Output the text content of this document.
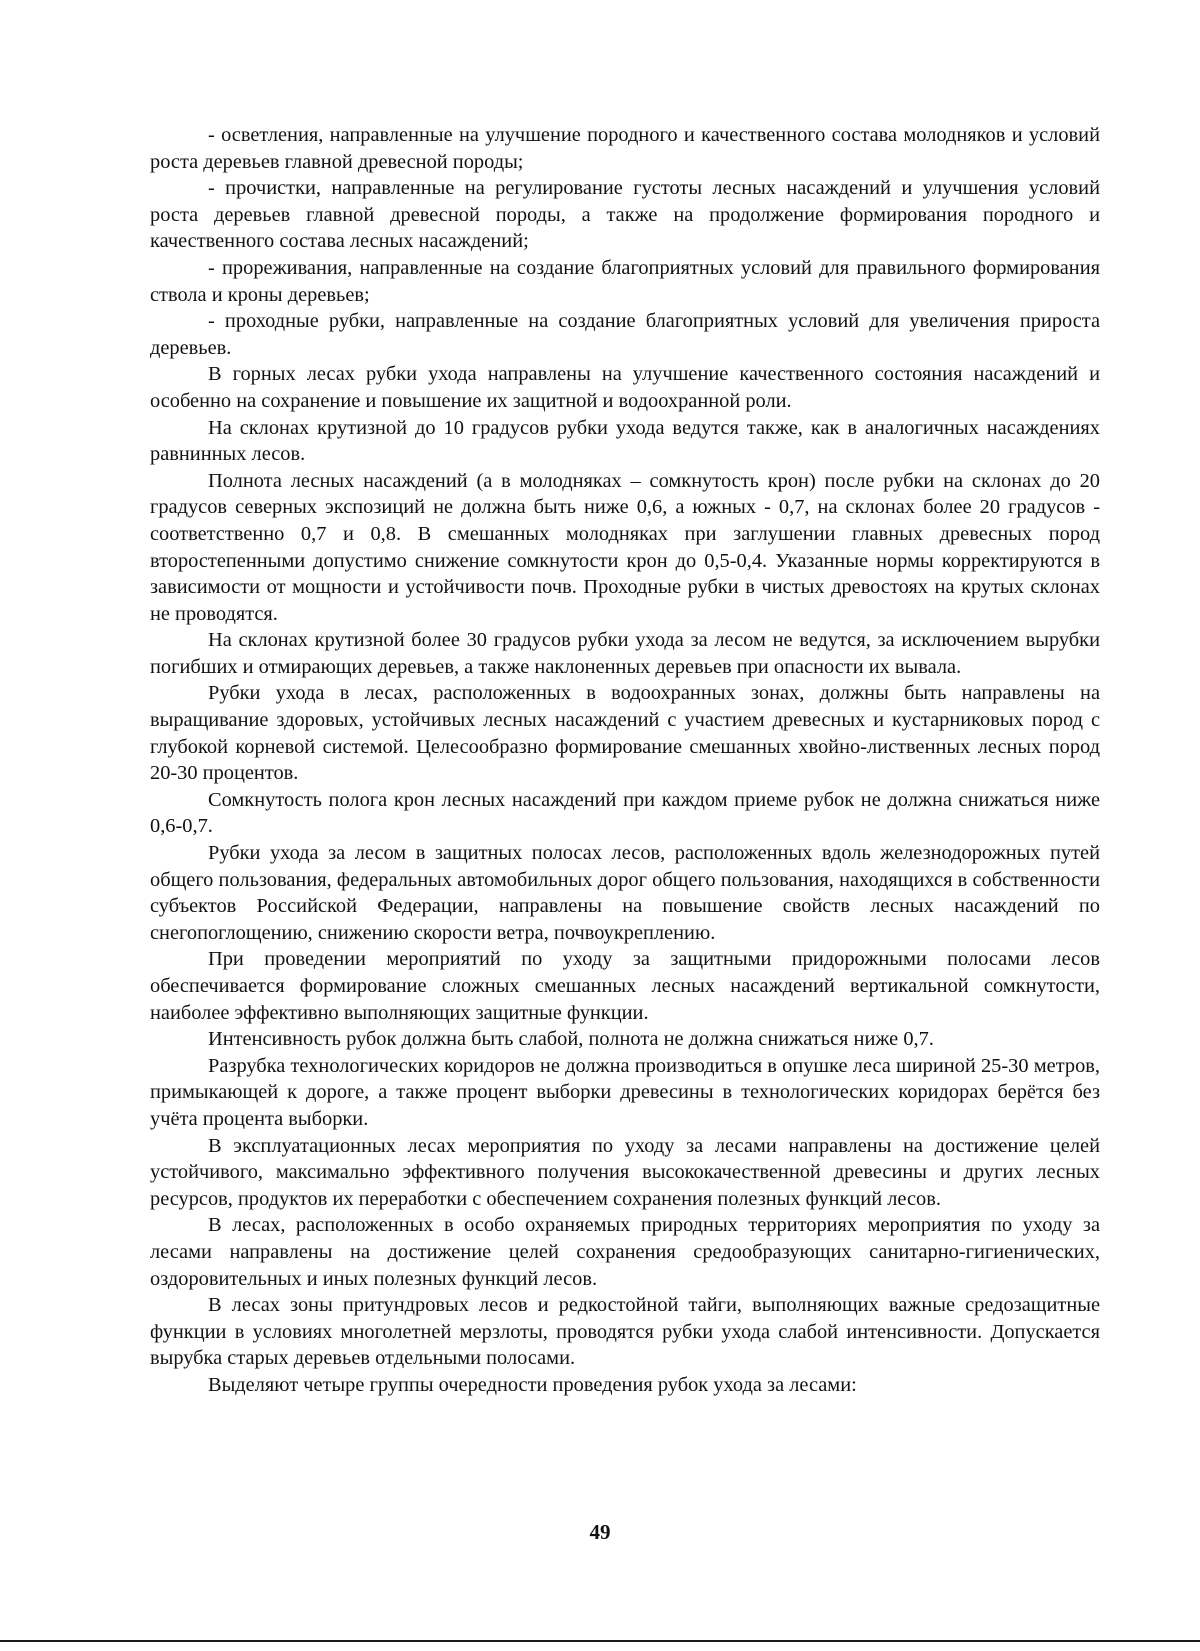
- осветления, направленные на улучшение породного и качественного состава молодняков и условий роста деревьев главной древесной породы;

- прочистки, направленные на регулирование густоты лесных насаждений и улучшения условий роста деревьев главной древесной породы, а также на продолжение формирования породного и качественного состава лесных насаждений;

- прореживания, направленные на создание благоприятных условий для правильного формирования ствола и кроны деревьев;

- проходные рубки, направленные на создание благоприятных условий для увеличения прироста деревьев.

В горных лесах рубки ухода направлены на улучшение качественного состояния насаждений и особенно на сохранение и повышение их защитной и водоохранной роли.

На склонах крутизной до 10 градусов рубки ухода ведутся также, как в аналогичных насаждениях равнинных лесов.

Полнота лесных насаждений (а в молодняках – сомкнутость крон) после рубки на склонах до 20 градусов северных экспозиций не должна быть ниже 0,6, а южных - 0,7, на склонах более 20 градусов - соответственно 0,7 и 0,8. В смешанных молодняках при заглушении главных древесных пород второстепенными допустимо снижение сомкнутости крон до 0,5-0,4. Указанные нормы корректируются в зависимости от мощности и устойчивости почв. Проходные рубки в чистых древостоях на крутых склонах не проводятся.

На склонах крутизной более 30 градусов рубки ухода за лесом не ведутся, за исключением вырубки погибших и отмирающих деревьев, а также наклоненных деревьев при опасности их вывала.

Рубки ухода в лесах, расположенных в водоохранных зонах, должны быть направлены на выращивание здоровых, устойчивых лесных насаждений с участием древесных и кустарниковых пород с глубокой корневой системой. Целесообразно формирование смешанных хвойно-лиственных лесных пород 20-30 процентов.

Сомкнутость полога крон лесных насаждений при каждом приеме рубок не должна снижаться ниже 0,6-0,7.

Рубки ухода за лесом в защитных полосах лесов, расположенных вдоль железнодорожных путей общего пользования, федеральных автомобильных дорог общего пользования, находящихся в собственности субъектов Российской Федерации, направлены на повышение свойств лесных насаждений по снегопоглощению, снижению скорости ветра, почвоукреплению.

При проведении мероприятий по уходу за защитными придорожными полосами лесов обеспечивается формирование сложных смешанных лесных насаждений вертикальной сомкнутости, наиболее эффективно выполняющих защитные функции.

Интенсивность рубок должна быть слабой, полнота не должна снижаться ниже 0,7.

Разрубка технологических коридоров не должна производиться в опушке леса шириной 25-30 метров, примыкающей к дороге, а также процент выборки древесины в технологических коридорах берётся без учёта процента выборки.

В эксплуатационных лесах мероприятия по уходу за лесами направлены на достижение целей устойчивого, максимально эффективного получения высококачественной древесины и других лесных ресурсов, продуктов их переработки с обеспечением сохранения полезных функций лесов.

В лесах, расположенных в особо охраняемых природных территориях мероприятия по уходу за лесами направлены на достижение целей сохранения средообразующих санитарно-гигиенических, оздоровительных и иных полезных функций лесов.

В лесах зоны притундровых лесов и редкостойной тайги, выполняющих важные средозащитные функции в условиях многолетней мерзлоты, проводятся рубки ухода слабой интенсивности. Допускается вырубка старых деревьев отдельными полосами.

Выделяют четыре группы очередности проведения рубок ухода за лесами:

49
